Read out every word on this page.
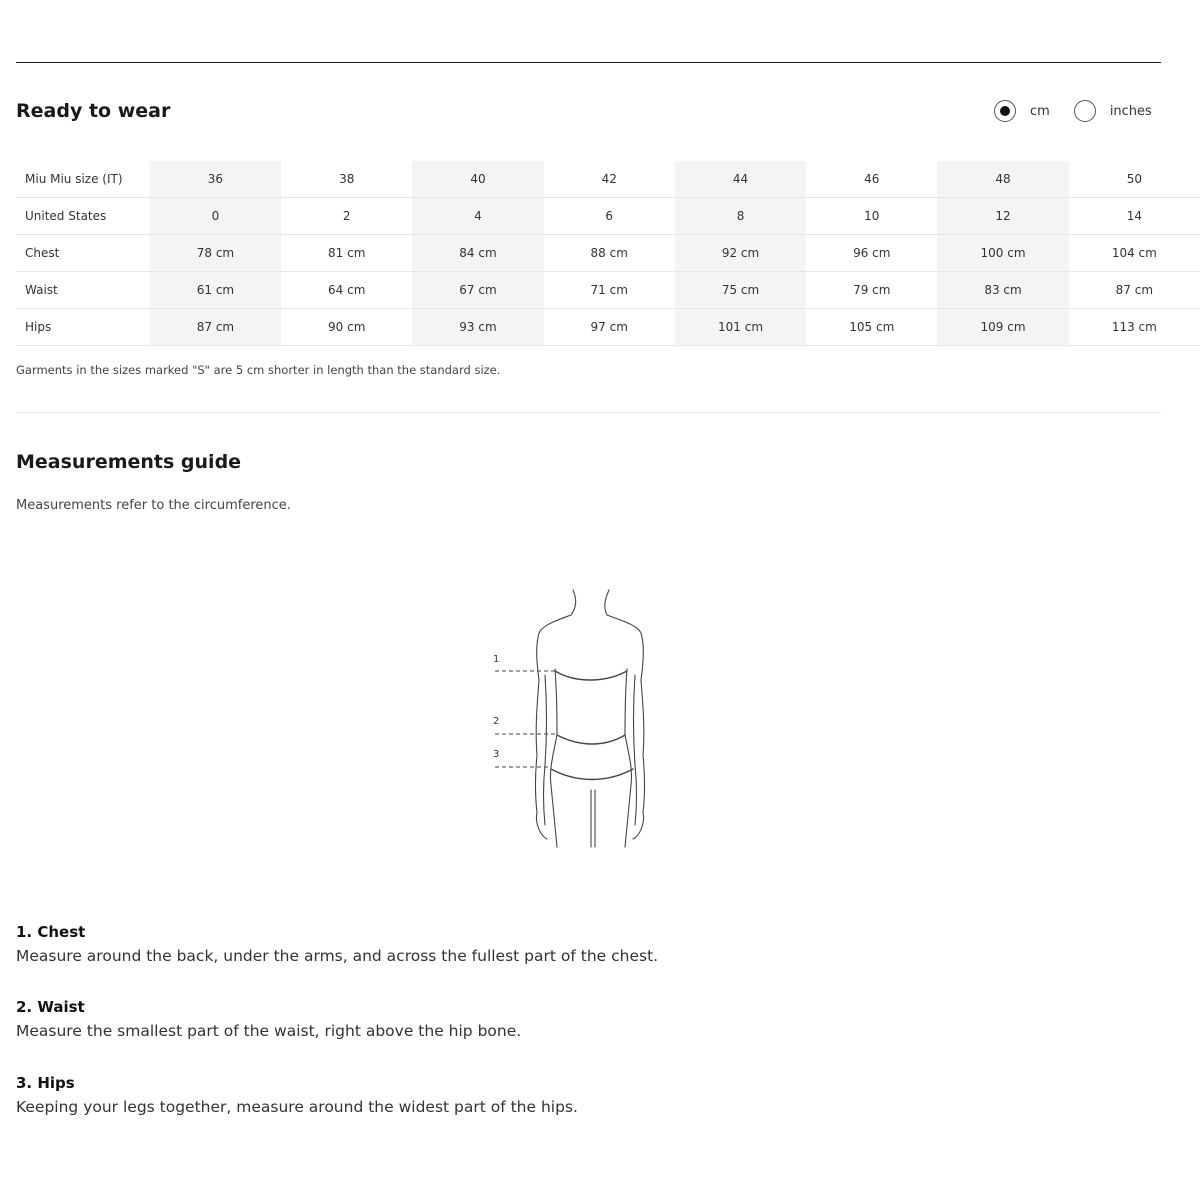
Ready to wear	cm	inches
Miu Miu size (IT)	36	38	40	42	44	46	48	50
United States	0	2	4	6	8	10	12	14
Chest	78 cm	81 cm	84 cm	88 cm	92 cm	96 cm	100 cm	104 cm
Waist	61 cm	64 cm	67 cm	71 cm	75 cm	79 cm	83 cm	87 cm
Hips	87 cm	90 cm	93 cm	97 cm	101 cm	105 cm	109 cm	113 cm
Garments in the sizes marked "S" are 5 cm shorter in length than the standard size.
Measurements guide
Measurements refer to the circumference.
1
2
3
1. Chest
Measure around the back, under the arms, and across the fullest part of the chest.
2. Waist
Measure the smallest part of the waist, right above the hip bone.
3. Hips
Keeping your legs together, measure around the widest part of the hips.
